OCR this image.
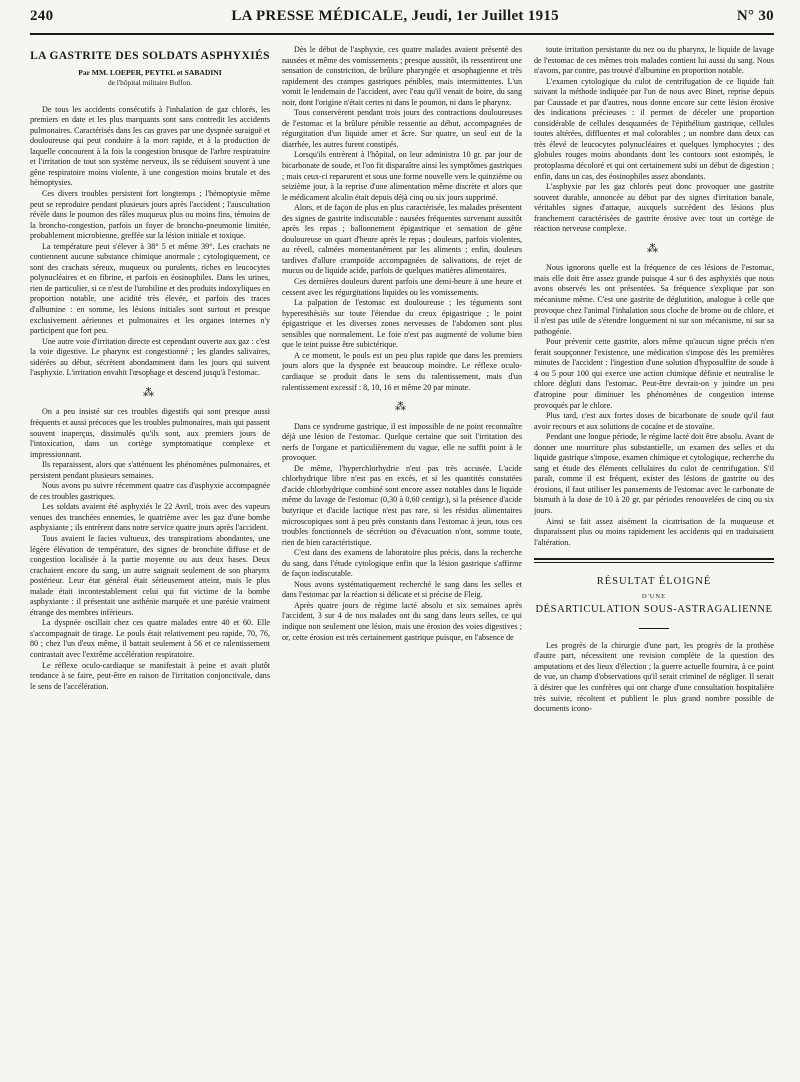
240	LA PRESSE MÉDICALE, Jeudi, 1er Juillet 1915	N° 30
LA GASTRITE DES SOLDATS ASPHYXIÉS
Par MM. LOEPER, PEYTEL et SABADINI
de l'hôpital militaire Buffon.

De tous les accidents consécutifs à l'inhalation de gaz chlorés, les premiers en date et les plus marquants sont sans contredit les accidents pulmonaires. Caractérisés dans les cas graves par une dyspnée suraiguë et douloureuse qui peut conduire à la mort rapide, et à la production de laquelle concourent à la fois la congestion brusque de l'arbre respiratoire et l'irritation de tout son système nerveux, ils se réduisent souvent à une gêne respiratoire moins violente, à une congestion moins brutale et des hémoptysies.

Ces divers troubles persistent fort longtemps ; l'hémoptysie même peut se reproduire pendant plusieurs jours après l'accident ; l'auscultation révèle dans le poumon des râles muqueux plus ou moins fins, témoins de la broncho-congestion, parfois un foyer de broncho-pneumonie limitée, probablement microbienne, greffée sur la lésion initiale et toxique.

La température peut s'élever à 38° 5 et même 39°. Les crachats ne contiennent aucune substance chimique anormale ; cytologiquement, ce sont des crachats séreux, muqueux ou purulents, riches en leucocytes polynucléaires et en fibrine, et parfois en éosinophiles. Dans les urines, rien de particulier, si ce n'est de l'urobiline et des produits indoxyliques en proportion notable, une acidité très élevée, et parfois des traces d'albumine : en somme, les lésions initiales sont surtout et presque exclusivement aériennes et pulmonaires et les organes internes n'y participent que fort peu.

Une autre voie d'irritation directe est cependant ouverte aux gaz : c'est la voie digestive. Le pharynx est congestionné ; les glandes salivaires, sidérées au début, sécrètent abondamment dans les jours qui suivent l'asphyxie. L'irritation envahit l'œsophage et descend jusqu'à l'estomac.

⁂

On a peu insisté sur ces troubles digestifs qui sont presque aussi fréquents et aussi précoces que les troubles pulmonaires, mais qui passent souvent inaperçus, dissimulés qu'ils sont, aux premiers jours de l'intoxication, dans un cortège symptomatique complexe et impressionnant.

Ils reparaissent, alors que s'atténuent les phénomènes pulmonaires, et persistent pendant plusieurs semaines.

Nous avons pu suivre récemment quatre cas d'asphyxie accompagnée de ces troubles gastriques.

Les soldats avaient été asphyxiés le 22 Avril, trois avec des vapeurs venues des tranchées ennemies, le quatrième avec les gaz d'une bombe asphyxiante ; ils entrèrent dans notre service quatre jours après l'accident.

Tous avaient le facies vultueux, des transpirations abondantes, une légère élévation de température, des signes de bronchite diffuse et de congestion localisée à la partie moyenne ou aux deux bases. Deux crachaient encore du sang, un autre saignait seulement de son pharynx postérieur. Leur état général était sérieusement atteint, mais le plus malade était incontestablement celui qui fut victime de la bombe asphyxiante : il présentait une asthénie marquée et une parésie vraiment étrange des membres inférieurs.

La dyspnée oscillait chez ces quatre malades entre 40 et 60. Elle s'accompagnait de tirage. Le pouls était relativement peu rapide, 70, 76, 80 ; chez l'un d'eux même, il battait seulement à 56 et ce ralentissement contrastait avec l'extrême accélération respiratoire.

Le réflexe oculo-cardiaque se manifestait à peine et avait plutôt tendance à se faire, peut-être en raison de l'irritation conjonctivale, dans le sens de l'accélération.

Dès le début de l'asphyxie, ces quatre malades avaient présenté des nausées et même des vomissements ; presque aussitôt, ils ressentirent une sensation de constriction, de brûlure pharyngée et œsophagienne et très rapidement des crampes gastriques pénibles, mais intermittentes. L'un vomit le lendemain de l'accident, avec l'eau qu'il venait de boire, du sang noir, dont l'origine n'était certes ni dans le poumon, ni dans le pharynx.

Tous conservèrent pendant trois jours des contractions douloureuses de l'estomac et la brûlure pénible ressentie au début, accompagnées de régurgitation d'un liquide amer et âcre. Sur quatre, un seul eut de la diarrhée, les autres furent constipés.

Lorsqu'ils entrèrent à l'hôpital, on leur administra 10 gr. par jour de bicarbonate de soude, et l'on fit disparaître ainsi les symptômes gastriques ; mais ceux-ci reparurent et sous une forme nouvelle vers le quinzième ou seizième jour, à la reprise d'une alimentation même discrète et alors que le médicament alcalin était depuis déjà cinq ou six jours supprimé.

Alors, et de façon de plus en plus caractérisée, les malades présentent des signes de gastrite indiscutable : nausées fréquentes survenant aussitôt après les repas ; ballonnement épigastrique et sensation de gêne douloureuse un quart d'heure après le repas ; douleurs, parfois violentes, au réveil, calmées momentanément par les aliments ; enfin, douleurs tardives d'allure crampoïde accompagnées de salivations, de rejet de mucus ou de liquide acide, parfois de quelques matières alimentaires.

Ces dernières douleurs durent parfois une demi-heure à une heure et cessent avec les régurgitations liquides ou les vomissements.

La palpation de l'estomac est douloureuse ; les téguments sont hyperesthésiés sur toute l'étendue du creux épigastrique ; le point épigastrique et les diverses zones nerveuses de l'abdomen sont plus sensibles que normalement. Le foie n'est pas augmenté de volume bien que le teint puisse être subictérique.

A ce moment, le pouls est un peu plus rapide que dans les premiers jours alors que la dyspnée est beaucoup moindre. Le réflexe oculo-cardiaque se produit dans le sens du ralentissement, mais d'un ralentissement excessif : 8, 10, 16 et même 20 par minute.

⁂

Dans ce syndrome gastrique, il est impossible de ne point reconnaître déjà une lésion de l'estomac. Quelque certaine que soit l'irritation des nerfs de l'organe et particulièrement du vague, elle ne suffit point à le provoquer.

De même, l'hyperchlorhydrie n'est pas très accusée. L'acide chlorhydrique libre n'est pas en excès, et si les quantités constatées d'acide chlorhydrique combiné sont encore assez notables dans le liquide même du lavage de l'estomac (0,30 à 0,60 centigr.), si la présence d'acide butyrique et d'acide lactique n'est pas rare, si les résidus alimentaires microscopiques sont à peu près constants dans l'estomac à jeun, tous ces troubles fonctionnels de sécrétion ou d'évacuation n'ont, somme toute, rien de bien caractéristique.

C'est dans des examens de laboratoire plus précis, dans la recherche du sang, dans l'étude cytologique enfin que la lésion gastrique s'affirme de façon indiscutable.

Nous avons systématiquement recherché le sang dans les selles et dans l'estomac par la réaction si délicate et si précise de Fleig.

Après quatre jours de régime lacté absolu et six semaines après l'accident, 3 sur 4 de nos malades ont du sang dans leurs selles, ce qui indique non seulement une lésion, mais une érosion des voies digestives ; or, cette érosion est très certainement gastrique puisque, en l'absence de

toute irritation persistante du nez ou du pharynx, le liquide de lavage de l'estomac de ces mêmes trois malades contient lui aussi du sang. Nous n'avons, par contre, pas trouvé d'albumine en proportion notable.

L'examen cytologique du culot de centrifugation de ce liquide fait suivant la méthode indiquée par l'un de nous avec Binet, reprise depuis par Caussade et par d'autres, nous donne encore sur cette lésion érosive des indications précieuses : il permet de déceler une proportion considérable de cellules desquamées de l'épithélium gastrique, cellules toutes altérées, diffluentes et mal colorables ; un nombre dans deux cas très élevé de leucocytes polynucléaires et quelques lymphocytes ; des globules rouges moins abondants dont les contours sont estompés, le protoplasma décoloré et qui ont certainement subi un début de digestion ; enfin, dans un cas, des éosinophiles assez abondants.

L'asphyxie par les gaz chlorés peut donc provoquer une gastrite souvent durable, annoncée au début par des signes d'irritation banale, véritables signes d'attaque, auxquels succèdent des lésions plus franchement caractérisées de gastrite érosive avec tout un cortège de réaction nerveuse complexe.

⁂

Nous ignorons quelle est la fréquence de ces lésions de l'estomac, mais elle doit être assez grande puisque 4 sur 6 des asphyxiés que nous avons observés les ont présentées. Sa fréquence s'explique par son mécanisme même. C'est une gastrite de déglutition, analogue à celle que provoque chez l'animal l'inhalation sous cloche de brome ou de chlore, et il n'est pas utile de s'étendre longuement ni sur son mécanisme, ni sur sa pathogénie.

Pour prévenir cette gastrite, alors même qu'aucun signe précis n'en ferait soupçonner l'existence, une médication s'impose dès les premières minutes de l'accident : l'ingestion d'une solution d'hyposulfite de soude à 4 ou 5 pour 100 qui exerce une action chimique définie et neutralise le chlore dégluti dans l'estomac. Peut-être devrait-on y joindre un peu d'atropine pour diminuer les phénomènes de congestion intense provoqués par le chlore.

Plus tard, c'est aux fortes doses de bicarbonate de soude qu'il faut avoir recours et aux solutions de cocaïne et de stovaïne.

Pendant une longue période, le régime lacté doit être absolu. Avant de donner une nourriture plus substantielle, un examen des selles et du liquide gastrique s'impose, examen chimique et cytologique, recherche du sang et étude des éléments cellulaires du culot de centrifugation. S'il paraît, comme il est fréquent, exister des lésions de gastrite ou des érosions, il faut utiliser les pansements de l'estomac avec le carbonate de bismuth à la dose de 10 à 20 gr. par périodes renouvelées de cinq ou six jours.

Ainsi se fait assez aisément la cicatrisation de la muqueuse et disparaissent plus ou moins rapidement les accidents qui en traduisaient l'altération.

RÉSULTAT ÉLOIGNÉ
D'UNE
DÉSARTICULATION SOUS-ASTRAGALIENNE

Les progrès de la chirurgie d'une part, les progrès de la prothèse d'autre part, nécessitent une revision complète de la question des amputations et des lieux d'élection ; la guerre actuelle fournira, à ce point de vue, un champ d'observations qu'il serait criminel de négliger. Il serait à désirer que les confrères qui ont charge d'une consultation hospitalière très suivie, récoltent et publient le plus grand nombre possible de documents icono-
